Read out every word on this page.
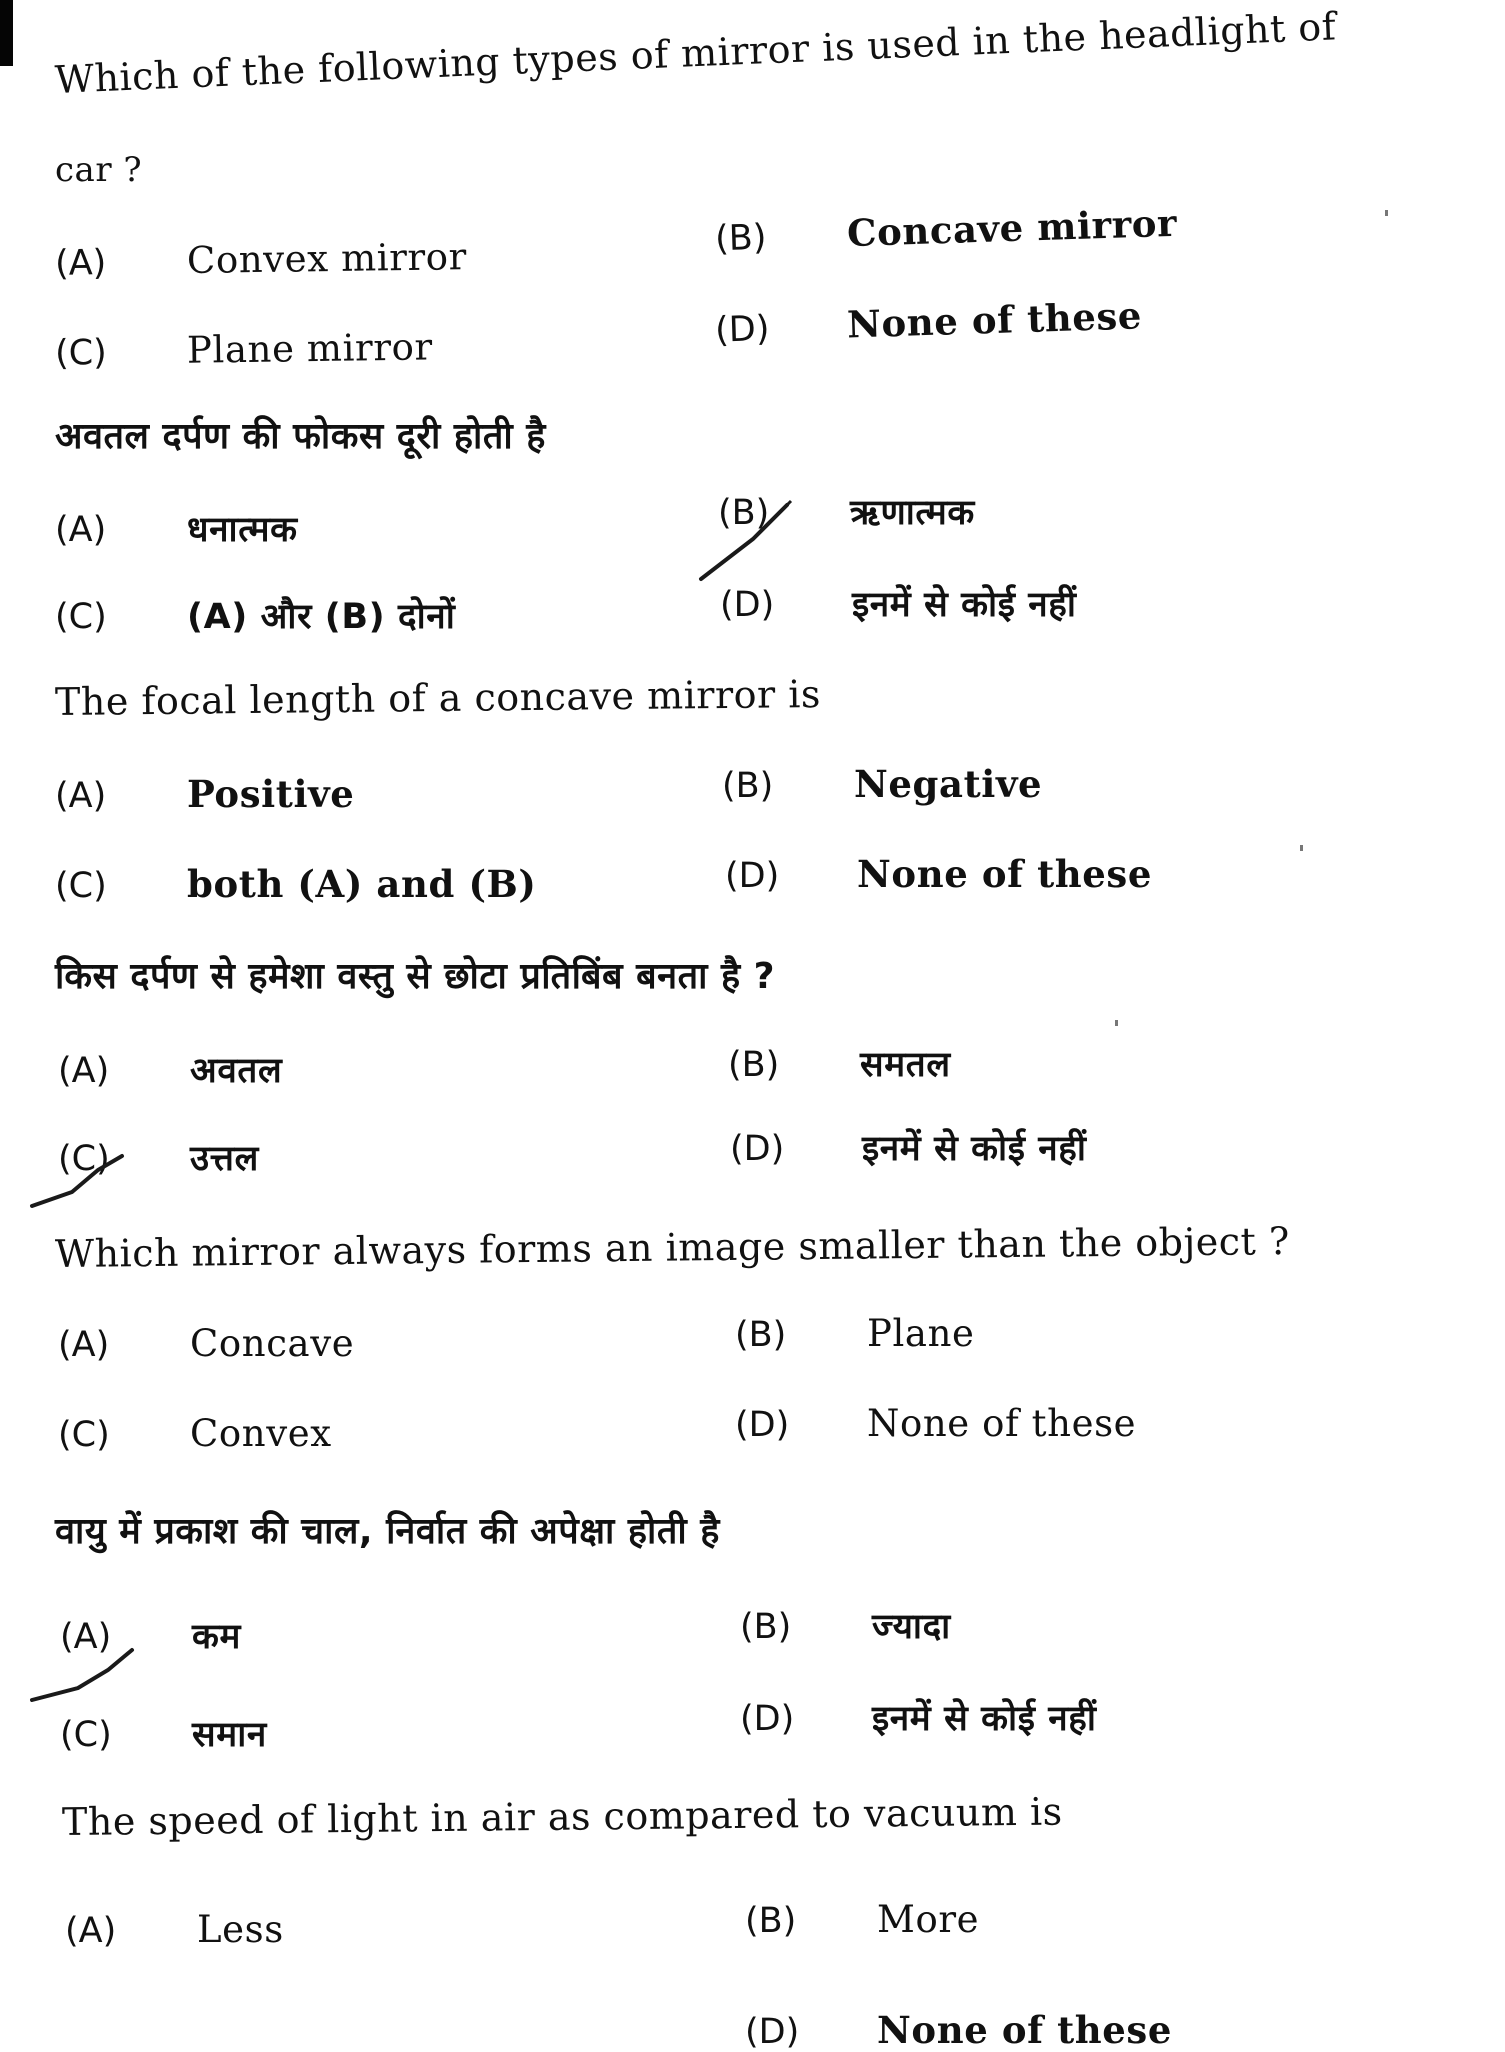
Which of the following types of mirror is used in the headlight of
car ?
(A) Convex mirror	(B) Concave mirror
(C) Plane mirror	(D) None of these
अवतल दर्पण की फोकस दूरी होती है
(A) धनात्मक	(B) ऋणात्मक
(C) (A) और (B) दोनों	(D) इनमें से कोई नहीं
The focal length of a concave mirror is
(A) Positive	(B) Negative
(C) both (A) and (B)	(D) None of these
किस दर्पण से हमेशा वस्तु से छोटा प्रतिबिंब बनता है ?
(A) अवतल	(B) समतल
(C) उत्तल	(D) इनमें से कोई नहीं
Which mirror always forms an image smaller than the object ?
(A) Concave	(B) Plane
(C) Convex	(D) None of these
वायु में प्रकाश की चाल, निर्वात की अपेक्षा होती है
(A) कम	(B) ज्यादा
(C) समान	(D) इनमें से कोई नहीं
The speed of light in air as compared to vacuum is
(A) Less	(B) More
(D) None of these
